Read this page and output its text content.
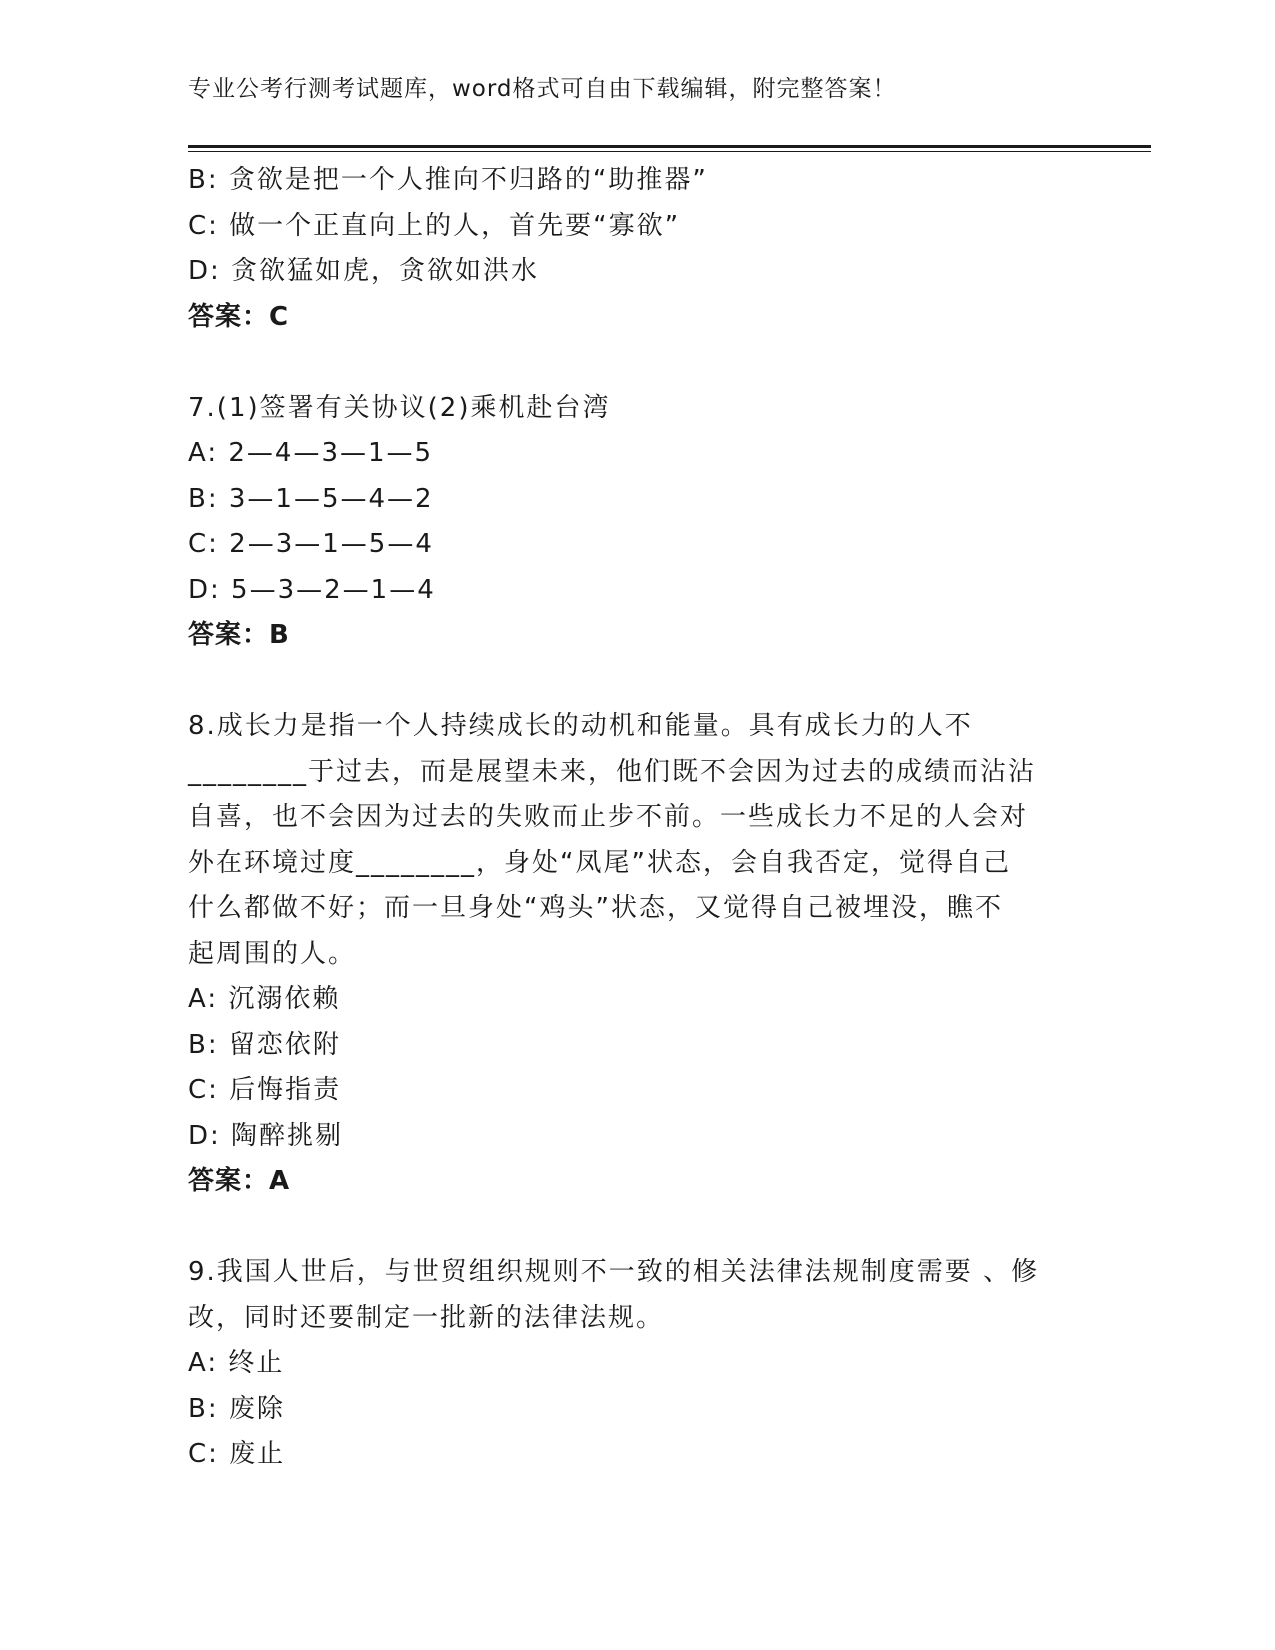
专业公考行测考试题库，word格式可自由下载编辑，附完整答案！
B: 贪欲是把一个人推向不归路的“助推器”
C: 做一个正直向上的人，首先要“寡欲”
D: 贪欲猛如虎，贪欲如洪水
答案：C
7.(1)签署有关协议(2)乘机赴台湾
A: 2—4—3—1—5
B: 3—1—5—4—2
C: 2—3—1—5—4
D: 5—3—2—1—4
答案：B
8.成长力是指一个人持续成长的动机和能量。具有成长力的人不
________于过去，而是展望未来，他们既不会因为过去的成绩而沾沾
自喜，也不会因为过去的失败而止步不前。一些成长力不足的人会对
外在环境过度________，身处“凤尾”状态，会自我否定，觉得自己
什么都做不好；而一旦身处“鸡头”状态，又觉得自己被埋没，瞧不
起周围的人。
A: 沉溺依赖
B: 留恋依附
C: 后悔指责
D: 陶醉挑剔
答案：A
9.我国人世后，与世贸组织规则不一致的相关法律法规制度需要 、修
改，同时还要制定一批新的法律法规。
A: 终止
B: 废除
C: 废止
